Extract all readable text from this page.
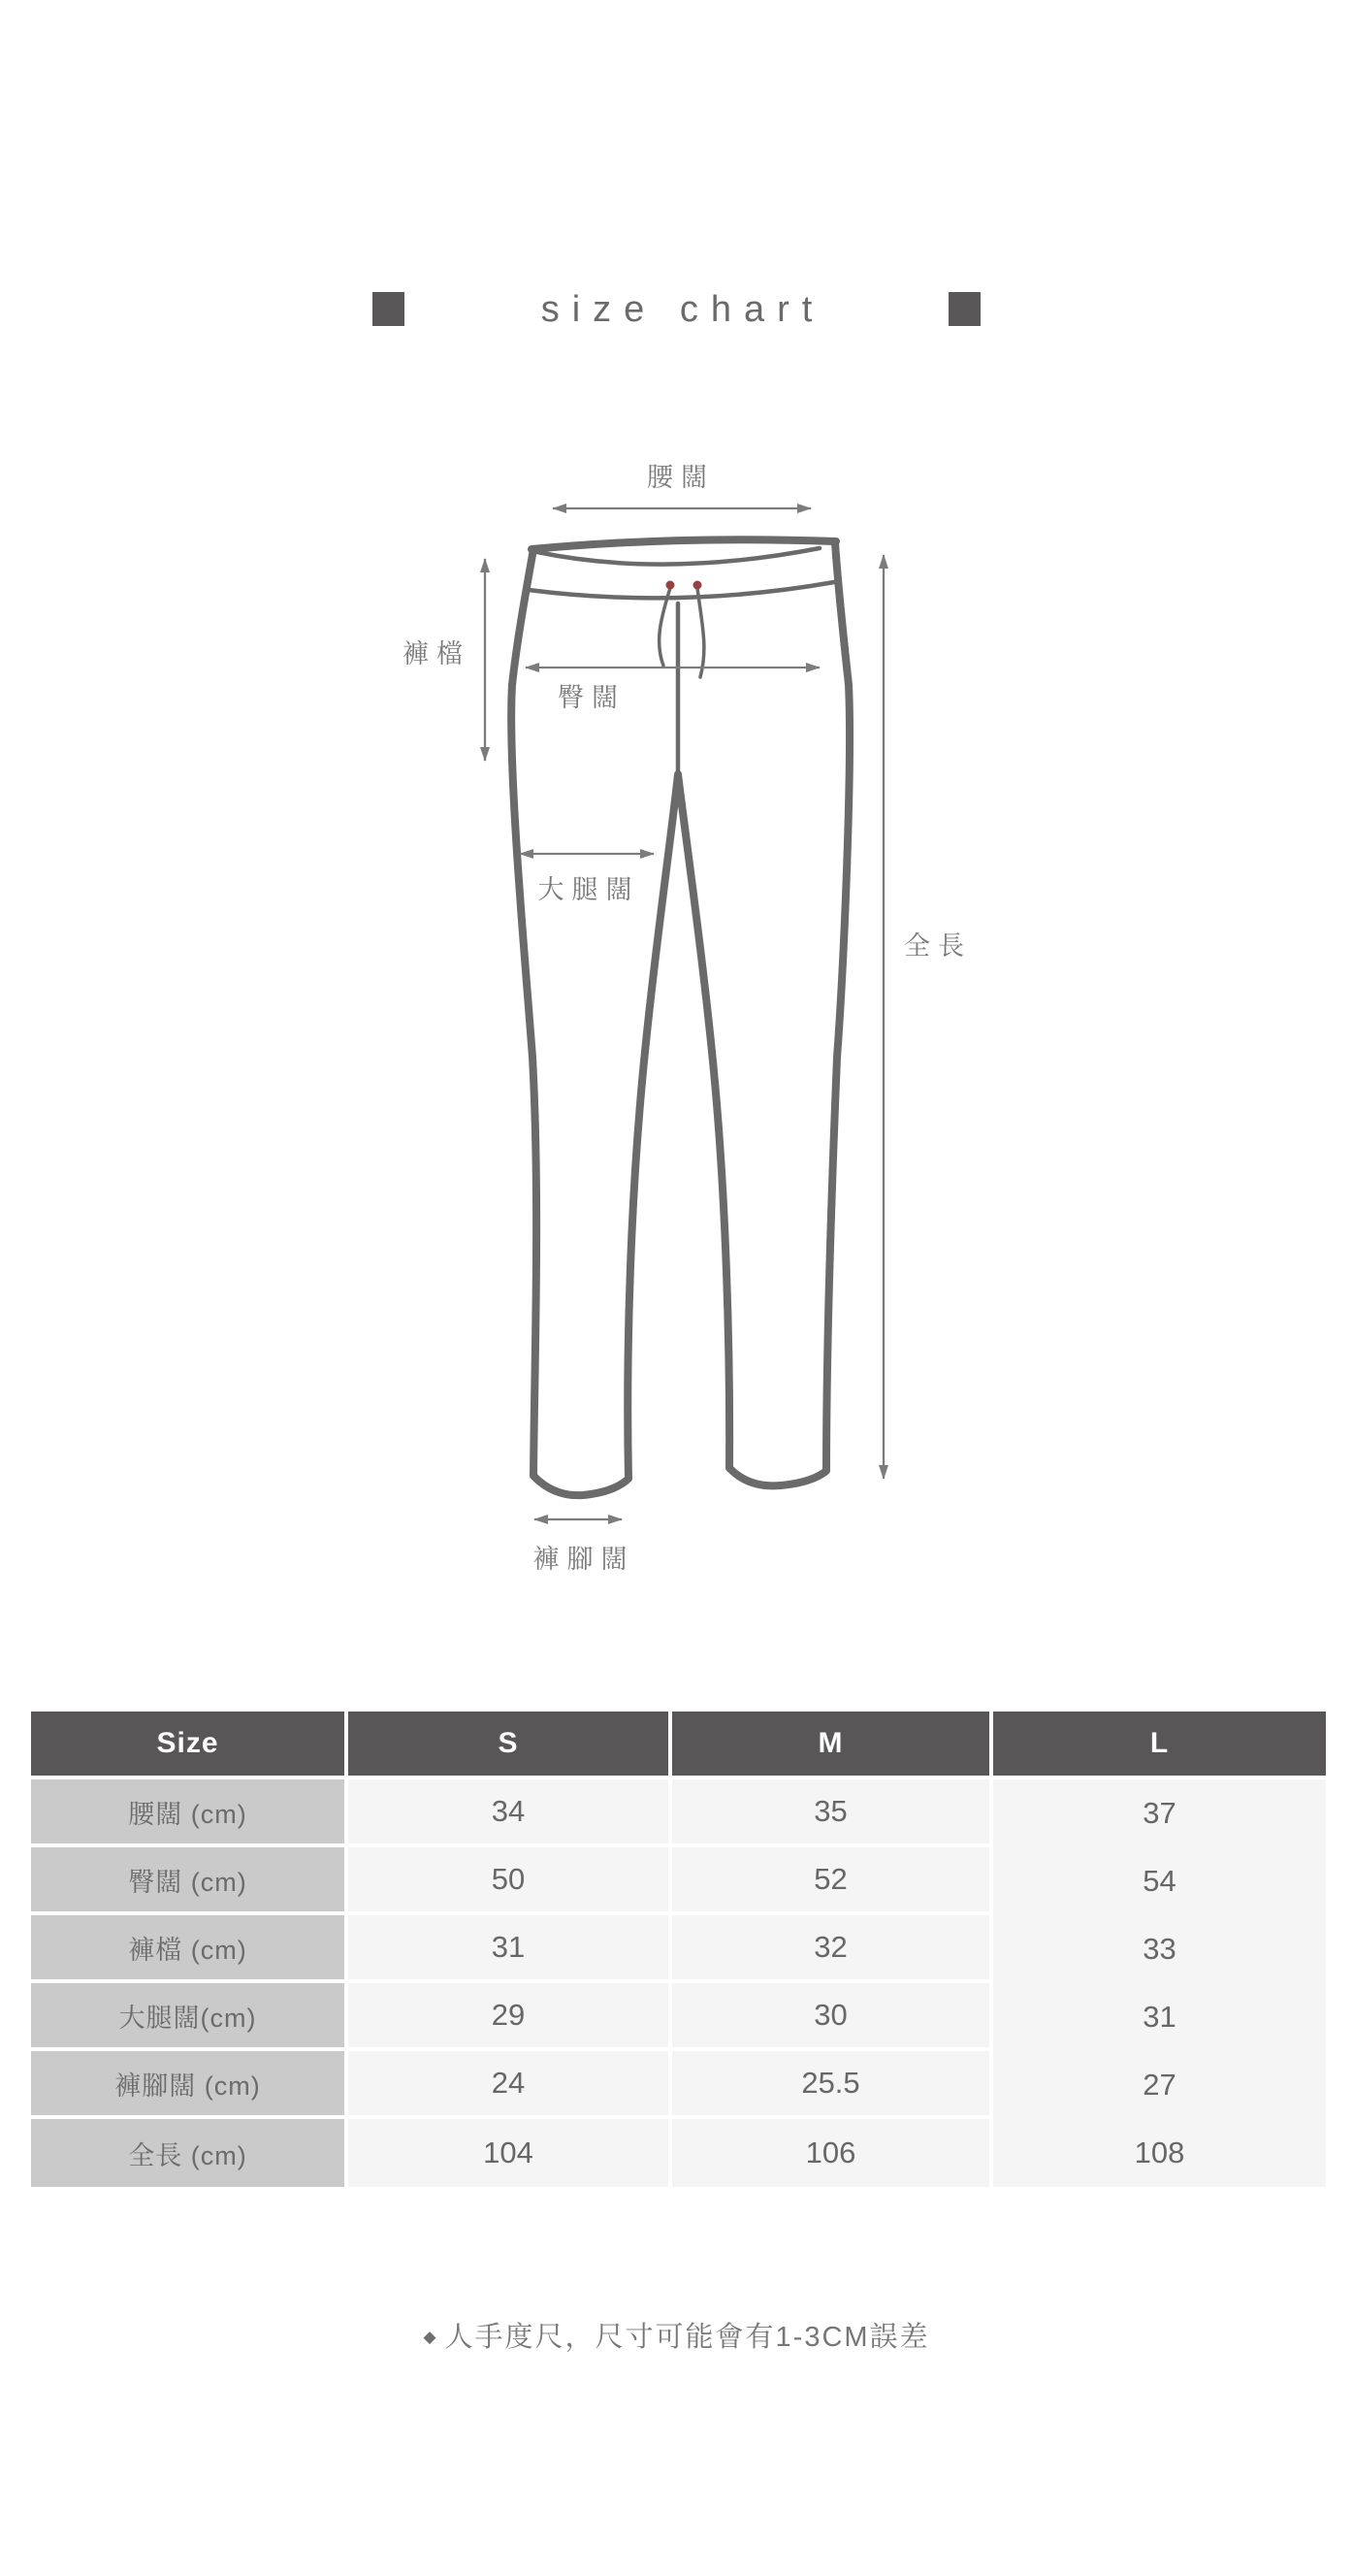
size chart
腰闊
褲檔
臀闊
大腿闊
全長
褲腳闊
Size	S	M	L
腰闊 (cm)	34	35	37
臀闊 (cm)	50	52	54
褲檔 (cm)	31	32	33
大腿闊(cm)	29	30	31
褲腳闊 (cm)	24	25.5	27
全長 (cm)	104	106	108
◆ 人手度尺，尺寸可能會有1-3CM誤差
